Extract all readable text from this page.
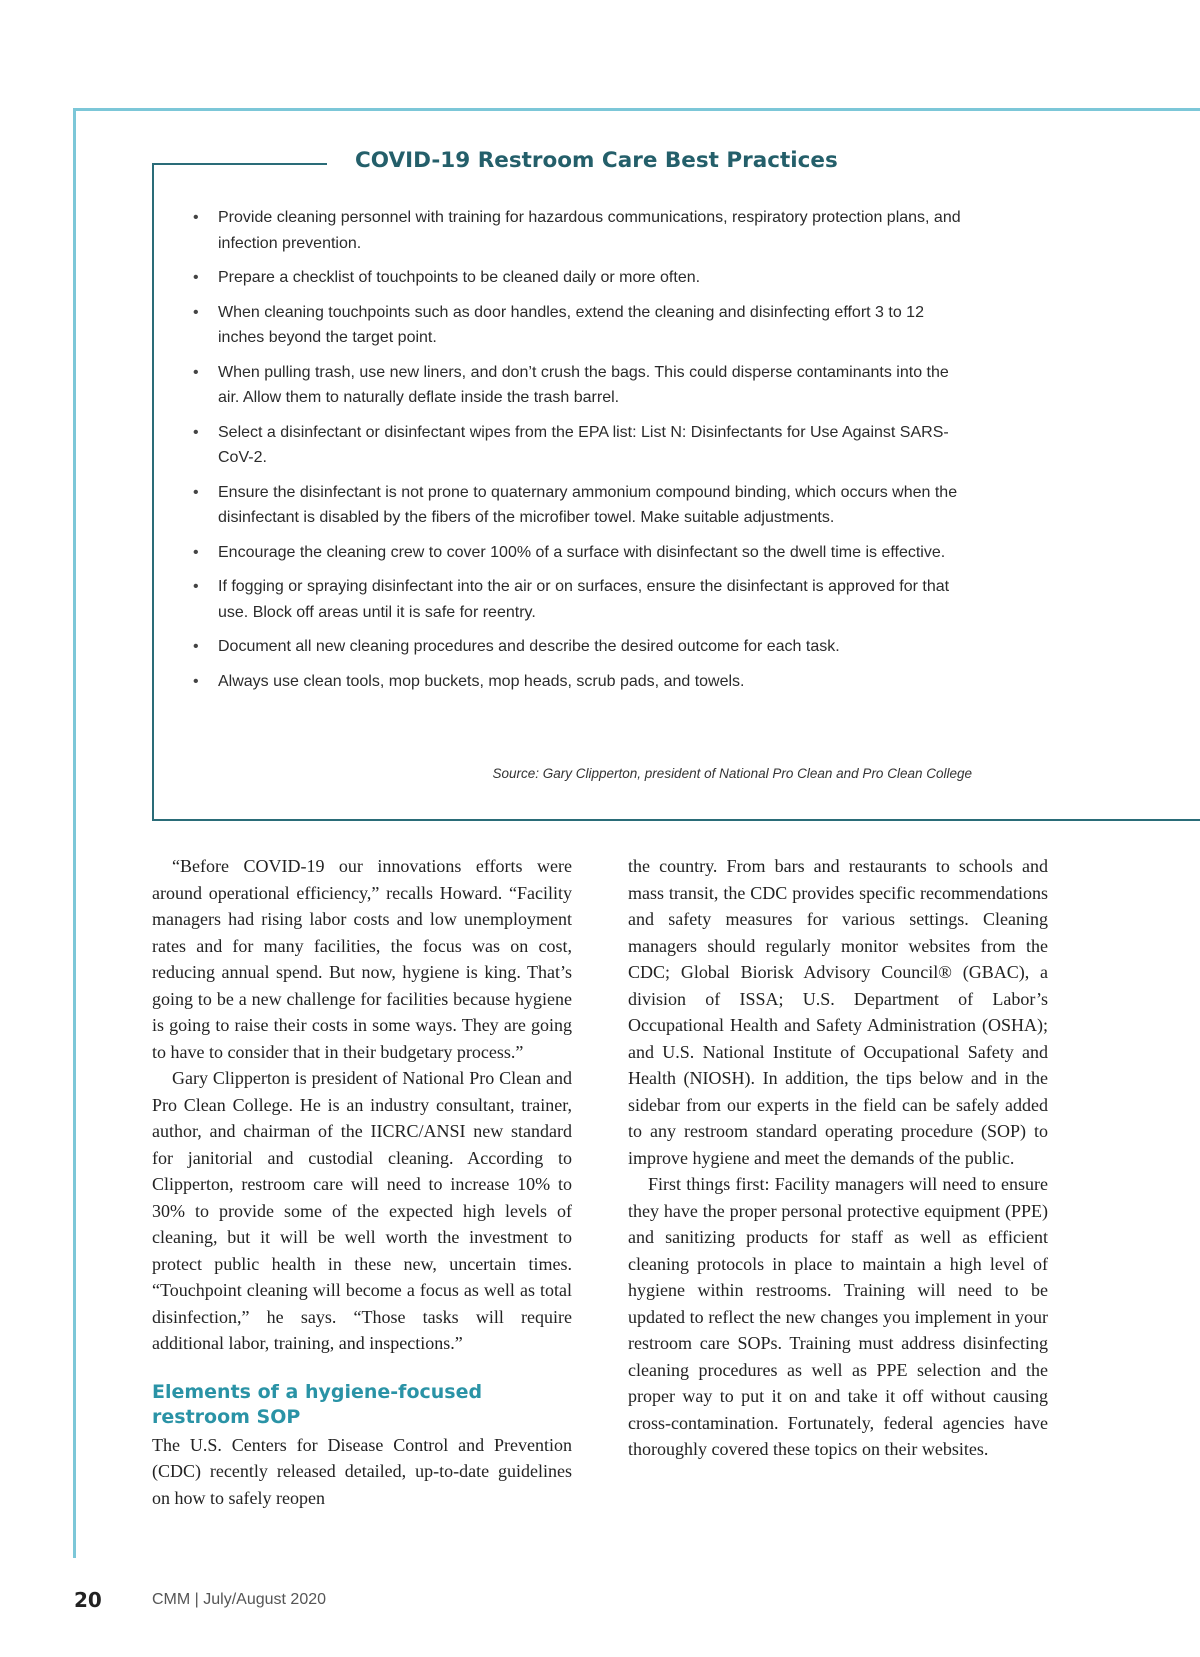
COVID-19 Restroom Care Best Practices
• Provide cleaning personnel with training for hazardous communications, respiratory protection plans, and infection prevention.
• Prepare a checklist of touchpoints to be cleaned daily or more often.
• When cleaning touchpoints such as door handles, extend the cleaning and disinfecting effort 3 to 12 inches beyond the target point.
• When pulling trash, use new liners, and don’t crush the bags. This could disperse contaminants into the air. Allow them to naturally deflate inside the trash barrel.
• Select a disinfectant or disinfectant wipes from the EPA list: List N: Disinfectants for Use Against SARS-CoV-2.
• Ensure the disinfectant is not prone to quaternary ammonium compound binding, which occurs when the disinfectant is disabled by the fibers of the microfiber towel. Make suitable adjustments.
• Encourage the cleaning crew to cover 100% of a surface with disinfectant so the dwell time is effective.
• If fogging or spraying disinfectant into the air or on surfaces, ensure the disinfectant is approved for that use. Block off areas until it is safe for reentry.
• Document all new cleaning procedures and describe the desired outcome for each task.
• Always use clean tools, mop buckets, mop heads, scrub pads, and towels.
Source: Gary Clipperton, president of National Pro Clean and Pro Clean College

“Before COVID-19 our innovations efforts were around operational efficiency,” recalls Howard. “Facility managers had rising labor costs and low unemployment rates and for many facilities, the focus was on cost, reducing annual spend. But now, hygiene is king. That’s going to be a new challenge for facilities because hygiene is going to raise their costs in some ways. They are going to have to consider that in their budgetary process.”

Gary Clipperton is president of National Pro Clean and Pro Clean College. He is an industry consultant, trainer, author, and chairman of the IICRC/ANSI new standard for janitorial and custodial cleaning. According to Clipperton, restroom care will need to increase 10% to 30% to provide some of the expected high levels of cleaning, but it will be well worth the investment to protect public health in these new, uncertain times. “Touchpoint cleaning will become a focus as well as total disinfection,” he says. “Those tasks will require additional labor, training, and inspections.”

Elements of a hygiene-focused restroom SOP

The U.S. Centers for Disease Control and Prevention (CDC) recently released detailed, up-to-date guidelines on how to safely reopen

the country. From bars and restaurants to schools and mass transit, the CDC provides specific recommendations and safety measures for various settings. Cleaning managers should regularly monitor websites from the CDC; Global Biorisk Advisory Council® (GBAC), a division of ISSA; U.S. Department of Labor’s Occupational Health and Safety Administration (OSHA); and U.S. National Institute of Occupational Safety and Health (NIOSH). In addition, the tips below and in the sidebar from our experts in the field can be safely added to any restroom standard operating procedure (SOP) to improve hygiene and meet the demands of the public.

First things first: Facility managers will need to ensure they have the proper personal protective equipment (PPE) and sanitizing products for staff as well as efficient cleaning protocols in place to maintain a high level of hygiene within restrooms. Training will need to be updated to reflect the new changes you implement in your restroom care SOPs. Training must address disinfecting cleaning procedures as well as PPE selection and the proper way to put it on and take it off without causing cross-contamination. Fortunately, federal agencies have thoroughly covered these topics on their websites.

20	CMM | July/August 2020
